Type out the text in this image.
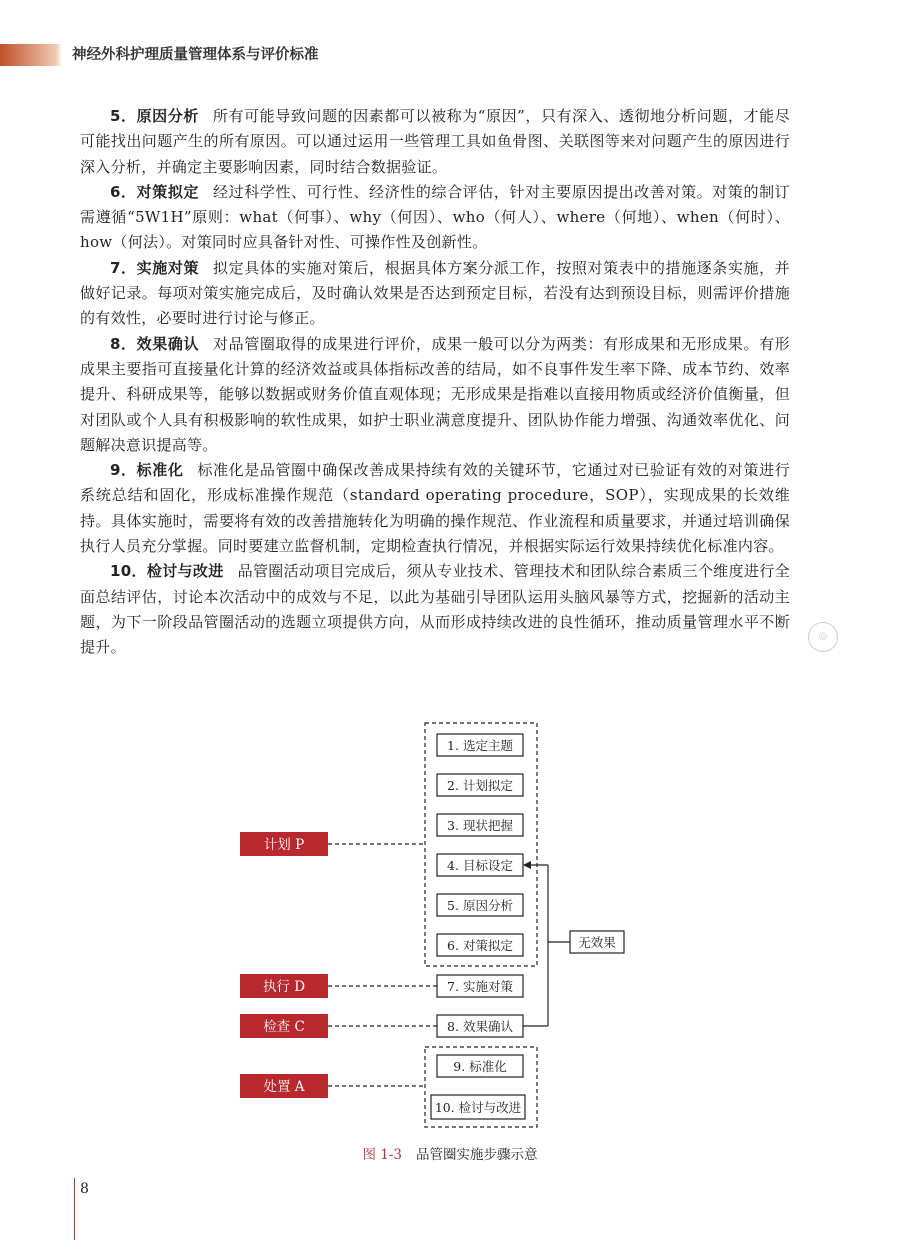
神经外科护理质量管理体系与评价标准

5．原因分析 所有可能导致问题的因素都可以被称为“原因”，只有深入、透彻地分析问题，才能尽可能找出问题产生的所有原因。可以通过运用一些管理工具如鱼骨图、关联图等来对问题产生的原因进行深入分析，并确定主要影响因素，同时结合数据验证。

6．对策拟定 经过科学性、可行性、经济性的综合评估，针对主要原因提出改善对策。对策的制订需遵循“5W1H”原则：what（何事）、why（何因）、who（何人）、where（何地）、when（何时）、how（何法）。对策同时应具备针对性、可操作性及创新性。

7．实施对策 拟定具体的实施对策后，根据具体方案分派工作，按照对策表中的措施逐条实施，并做好记录。每项对策实施完成后，及时确认效果是否达到预定目标，若没有达到预设目标，则需评价措施的有效性，必要时进行讨论与修正。

8．效果确认 对品管圈取得的成果进行评价，成果一般可以分为两类：有形成果和无形成果。有形成果主要指可直接量化计算的经济效益或具体指标改善的结局，如不良事件发生率下降、成本节约、效率提升、科研成果等，能够以数据或财务价值直观体现；无形成果是指难以直接用物质或经济价值衡量，但对团队或个人具有积极影响的软性成果，如护士职业满意度提升、团队协作能力增强、沟通效率优化、问题解决意识提高等。

9．标准化 标准化是品管圈中确保改善成果持续有效的关键环节，它通过对已验证有效的对策进行系统总结和固化，形成标准操作规范（standard operating procedure，SOP），实现成果的长效维持。具体实施时，需要将有效的改善措施转化为明确的操作规范、作业流程和质量要求，并通过培训确保执行人员充分掌握。同时要建立监督机制，定期检查执行情况，并根据实际运行效果持续优化标准内容。

10．检讨与改进 品管圈活动项目完成后，须从专业技术、管理技术和团队综合素质三个维度进行全面总结评估，讨论本次活动中的成效与不足，以此为基础引导团队运用头脑风暴等方式，挖掘新的活动主题，为下一阶段品管圈活动的选题立项提供方向，从而形成持续改进的良性循环，推动质量管理水平不断提升。

◎
计划 P
执行 D
检查 C
处置 A
1. 选定主题
2. 计划拟定
3. 现状把握
4. 目标设定
5. 原因分析
6. 对策拟定
7. 实施对策
8. 效果确认
9. 标准化
10. 检讨与改进
无效果
图 1-3 品管圈实施步骤示意
8
